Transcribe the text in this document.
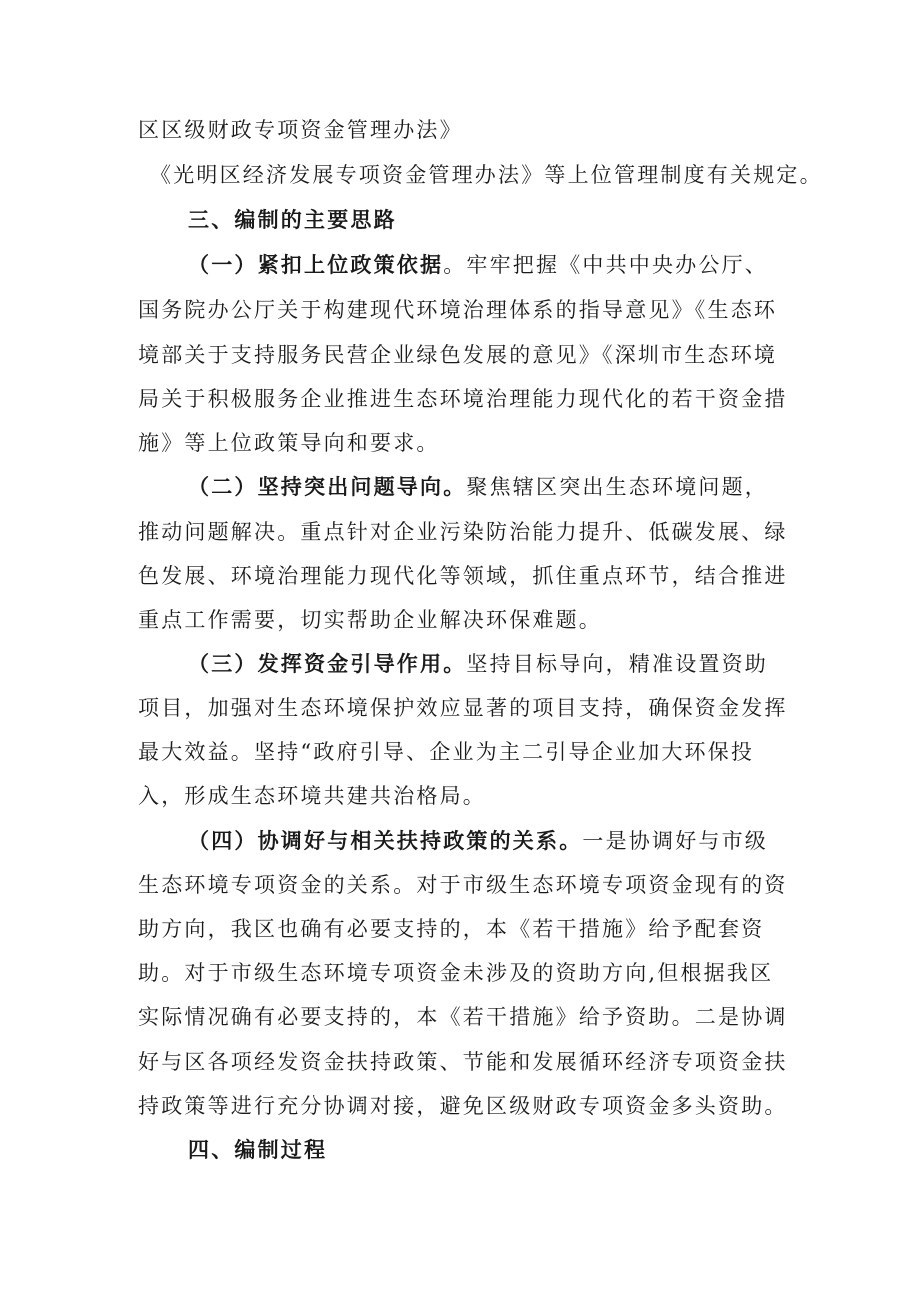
区区级财政专项资金管理办法》
《光明区经济发展专项资金管理办法》等上位管理制度有关规定。
三、编制的主要思路
（一）紧扣上位政策依据。牢牢把握《中共中央办公厅、
国务院办公厅关于构建现代环境治理体系的指导意见》《生态环
境部关于支持服务民营企业绿色发展的意见》《深圳市生态环境
局关于积极服务企业推进生态环境治理能力现代化的若干资金措
施》等上位政策导向和要求。
（二）坚持突出问题导向。聚焦辖区突出生态环境问题，
推动问题解决。重点针对企业污染防治能力提升、低碳发展、绿
色发展、环境治理能力现代化等领域，抓住重点环节，结合推进
重点工作需要，切实帮助企业解决环保难题。
（三）发挥资金引导作用。坚持目标导向，精准设置资助
项目，加强对生态环境保护效应显著的项目支持，确保资金发挥
最大效益。坚持“政府引导、企业为主二引导企业加大环保投
入，形成生态环境共建共治格局。
（四）协调好与相关扶持政策的关系。一是协调好与市级
生态环境专项资金的关系。对于市级生态环境专项资金现有的资
助方向，我区也确有必要支持的，本《若干措施》给予配套资
助。对于市级生态环境专项资金未涉及的资助方向,但根据我区
实际情况确有必要支持的，本《若干措施》给予资助。二是协调
好与区各项经发资金扶持政策、节能和发展循环经济专项资金扶
持政策等进行充分协调对接，避免区级财政专项资金多头资助。
四、编制过程
